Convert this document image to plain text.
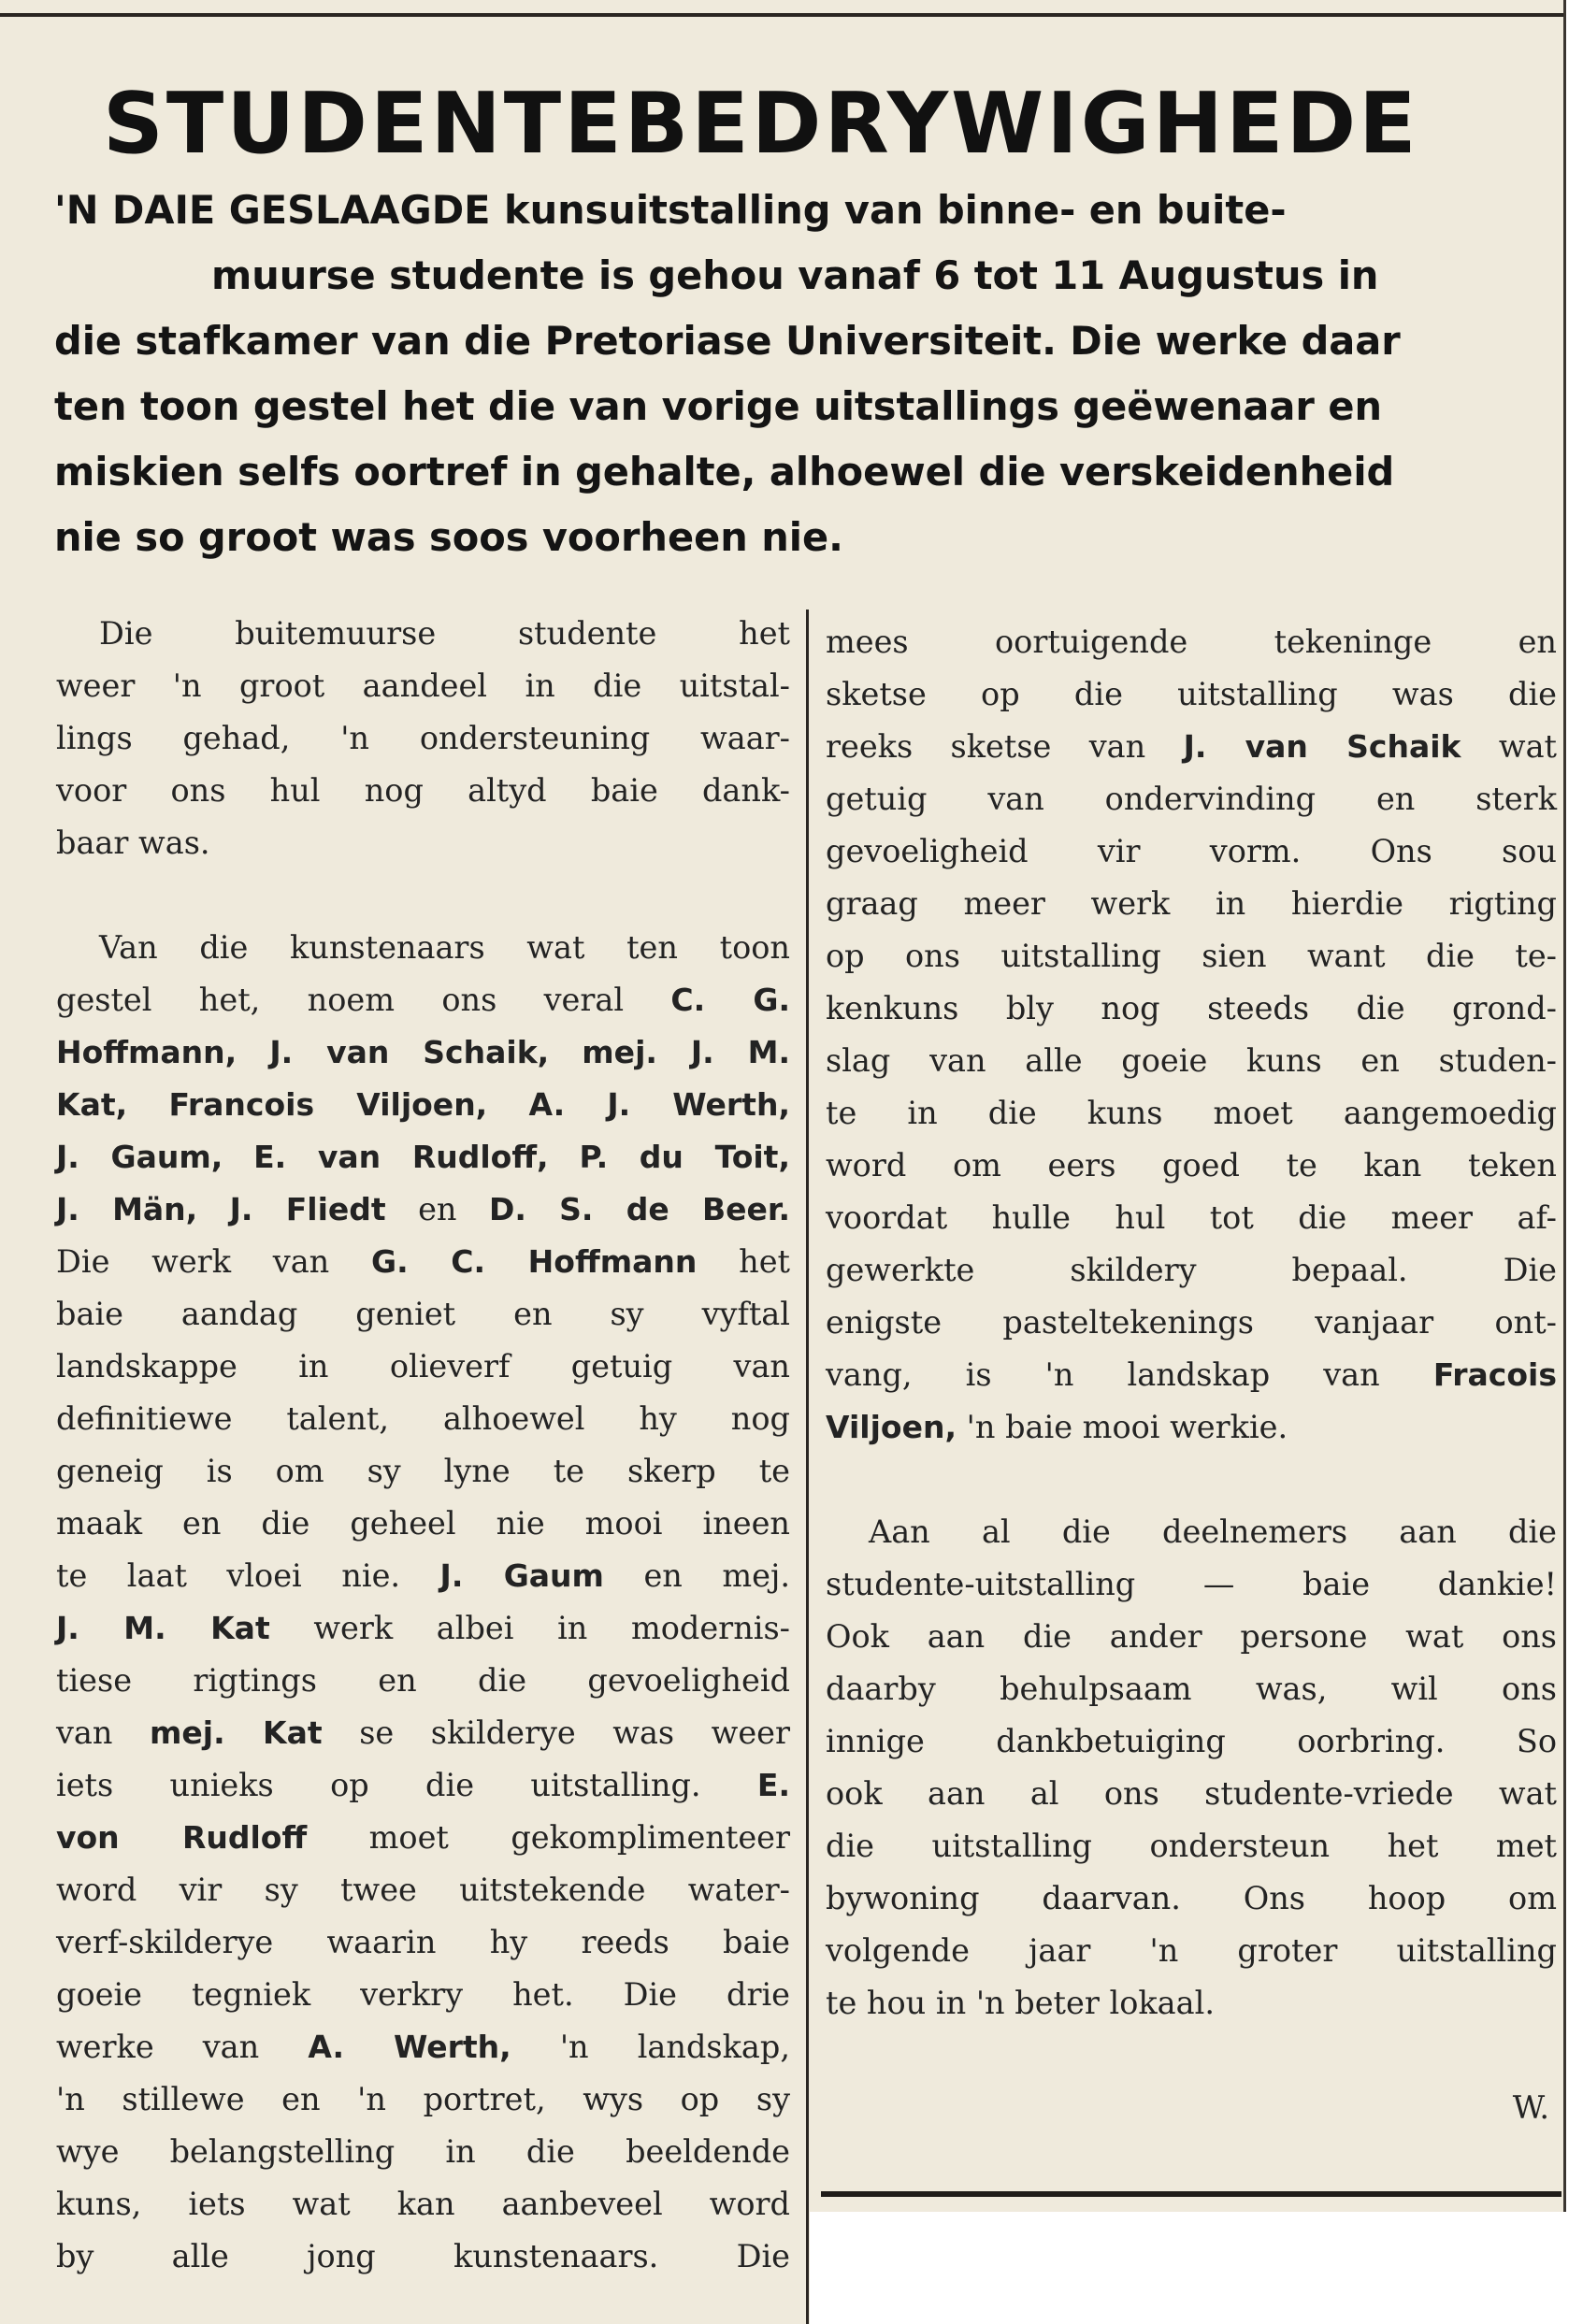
STUDENTEBEDRYWIGHEDE
'N DAIE GESLAAGDE kunsuitstalling van binne- en buite-
muurse studente is gehou vanaf 6 tot 11 Augustus in
die stafkamer van die Pretoriase Universiteit. Die werke daar
ten toon gestel het die van vorige uitstallings geëwenaar en
miskien selfs oortref in gehalte, alhoewel die verskeidenheid
nie so groot was soos voorheen nie.
Die buitemuurse studente het
weer 'n groot aandeel in die uitstal-
lings gehad, 'n ondersteuning waar-
voor ons hul nog altyd baie dank-
baar was.
Van die kunstenaars wat ten toon
gestel het, noem ons veral C. G.
Hoffmann, J. van Schaik, mej. J. M.
Kat, Francois Viljoen, A. J. Werth,
J. Gaum, E. van Rudloff, P. du Toit,
J. Män, J. Fliedt en D. S. de Beer.
Die werk van G. C. Hoffmann het
baie aandag geniet en sy vyftal
landskappe in olieverf getuig van
definitiewe talent, alhoewel hy nog
geneig is om sy lyne te skerp te
maak en die geheel nie mooi ineen
te laat vloei nie. J. Gaum en mej.
J. M. Kat werk albei in modernis-
tiese rigtings en die gevoeligheid
van mej. Kat se skilderye was weer
iets unieks op die uitstalling. E.
von Rudloff moet gekomplimenteer
word vir sy twee uitstekende water-
verf-skilderye waarin hy reeds baie
goeie tegniek verkry het. Die drie
werke van A. Werth, 'n landskap,
'n stillewe en 'n portret, wys op sy
wye belangstelling in die beeldende
kuns, iets wat kan aanbeveel word
by alle jong kunstenaars. Die
mees oortuigende tekeninge en
sketse op die uitstalling was die
reeks sketse van J. van Schaik wat
getuig van ondervinding en sterk
gevoeligheid vir vorm. Ons sou
graag meer werk in hierdie rigting
op ons uitstalling sien want die te-
kenkuns bly nog steeds die grond-
slag van alle goeie kuns en studen-
te in die kuns moet aangemoedig
word om eers goed te kan teken
voordat hulle hul tot die meer af-
gewerkte skildery bepaal. Die
enigste pasteltekenings vanjaar ont-
vang, is 'n landskap van Fracois
Viljoen, 'n baie mooi werkie.
Aan al die deelnemers aan die
studente-uitstalling — baie dankie!
Ook aan die ander persone wat ons
daarby behulpsaam was, wil ons
innige dankbetuiging oorbring. So
ook aan al ons studente-vriede wat
die uitstalling ondersteun het met
bywoning daarvan. Ons hoop om
volgende jaar 'n groter uitstalling
te hou in 'n beter lokaal.
W.
